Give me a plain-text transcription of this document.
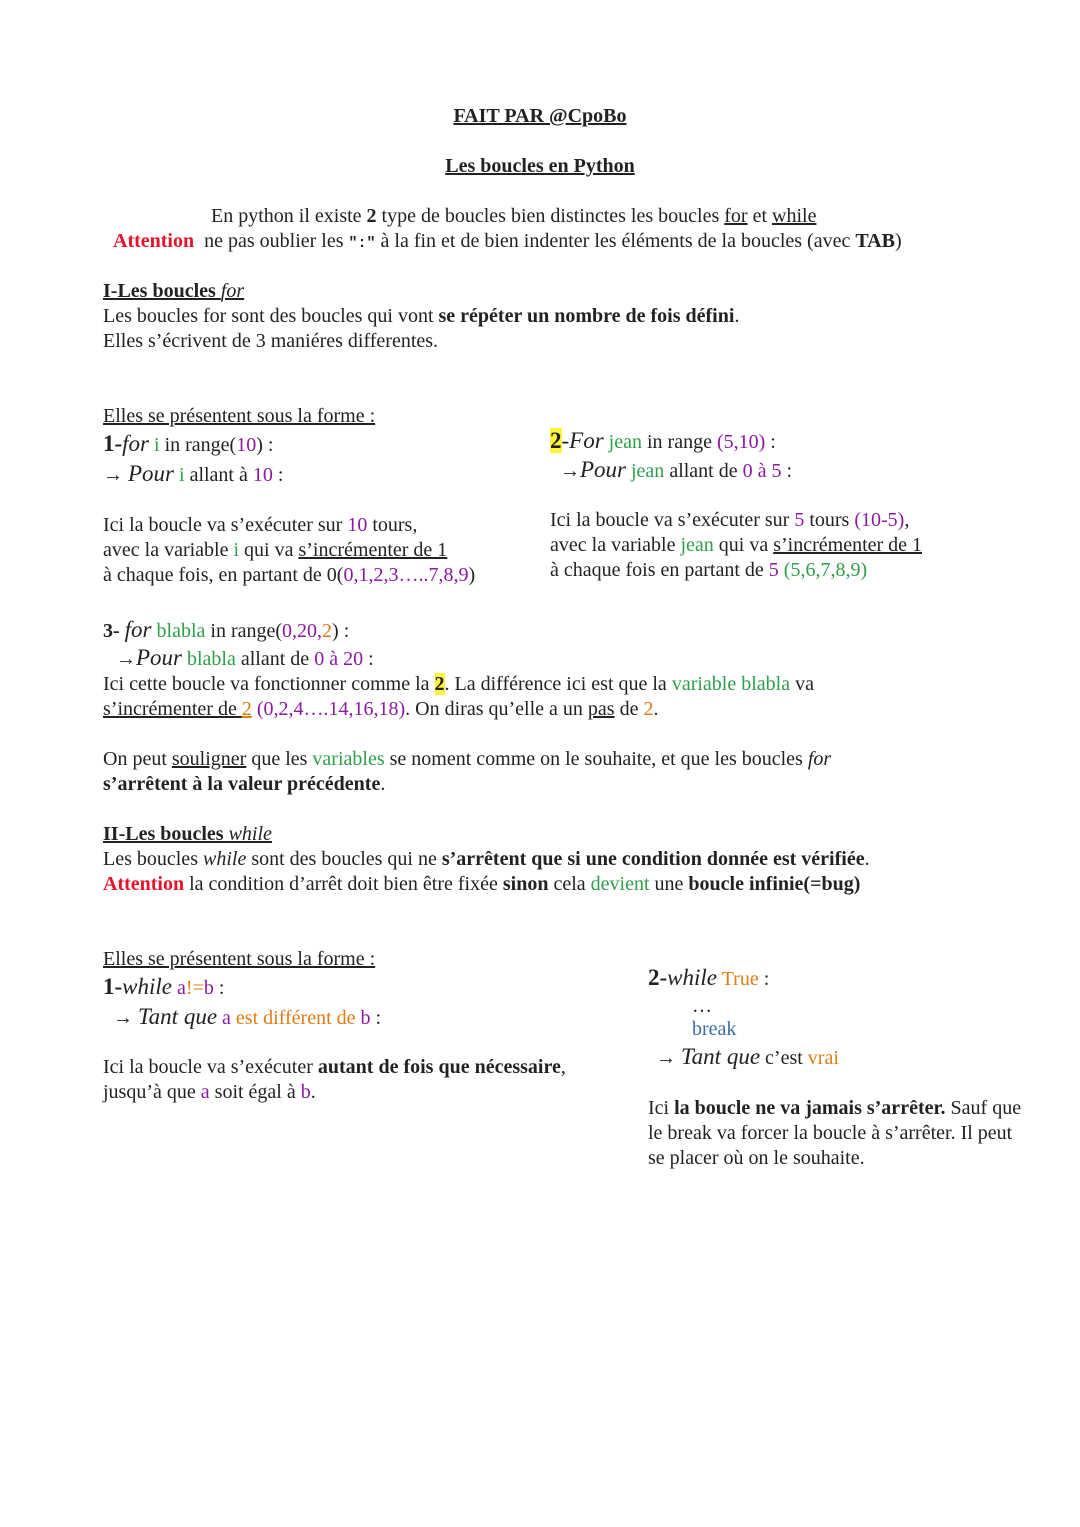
FAIT PAR @CpoBo
Les boucles en Python
En python il existe 2 type de boucles bien distinctes les boucles for et while
Attention ne pas oublier les ":" à la fin et de bien indenter les éléments de la boucles (avec TAB)
I-Les boucles for
Les boucles for sont des boucles qui vont se répéter un nombre de fois défini.
Elles s’écrivent de 3 maniéres differentes.
Elles se présentent sous la forme :
1-for i in range(10) :
→ Pour i allant à 10 :
Ici la boucle va s’exécuter sur 10 tours,
avec la variable i qui va s’incrémenter de 1
à chaque fois, en partant de 0(0,1,2,3…..7,8,9)
2-For jean in range (5,10) :
→Pour jean allant de 0 à 5 :
Ici la boucle va s’exécuter sur 5 tours (10-5),
avec la variable jean qui va s’incrémenter de 1
à chaque fois en partant de 5 (5,6,7,8,9)
3- for blabla in range(0,20,2) :
→Pour blabla allant de 0 à 20 :
Ici cette boucle va fonctionner comme la 2. La différence ici est que la variable blabla va
s’incrémenter de 2 (0,2,4….14,16,18). On diras qu’elle a un pas de 2.
On peut souligner que les variables se noment comme on le souhaite, et que les boucles for
s’arrêtent à la valeur précédente.
II-Les boucles while
Les boucles while sont des boucles qui ne s’arrêtent que si une condition donnée est vérifiée.
Attention la condition d’arrêt doit bien être fixée sinon cela devient une boucle infinie(=bug)
Elles se présentent sous la forme :
1-while a!=b :
→ Tant que a est différent de b :
Ici la boucle va s’exécuter autant de fois que nécessaire,
jusqu’à que a soit égal à b.
2-while True :
…
break
→ Tant que c’est vrai
Ici la boucle ne va jamais s’arrêter. Sauf que
le break va forcer la boucle à s’arrêter. Il peut
se placer où on le souhaite.
